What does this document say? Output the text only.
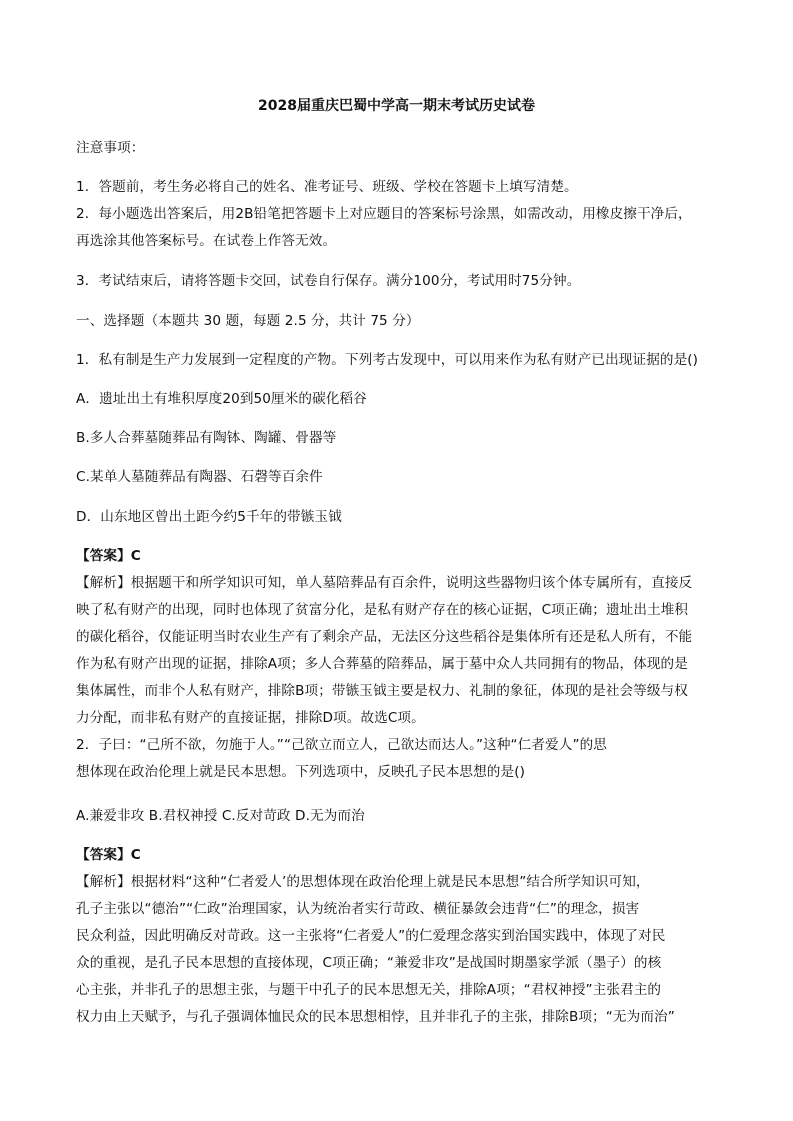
2028届重庆巴蜀中学高一期末考试历史试卷
注意事项：
1．答题前，考生务必将自己的姓名、准考证号、班级、学校在答题卡上填写清楚。
2．每小题选出答案后，用2B铅笔把答题卡上对应题目的答案标号涂黑，如需改动，用橡皮擦干净后，
再选涂其他答案标号。在试卷上作答无效。
3．考试结束后，请将答题卡交回，试卷自行保存。满分100分，考试用时75分钟。
一、选择题（本题共 30 题，每题 2.5 分，共计 75 分）
1．私有制是生产力发展到一定程度的产物。下列考古发现中，可以用来作为私有财产已出现证据的是()
A．遗址出土有堆积厚度20到50厘米的碳化稻谷
B.多人合葬墓随葬品有陶钵、陶罐、骨器等
C.某单人墓随葬品有陶器、石磬等百余件
D．山东地区曾出土距今约5千年的带镞玉钺
【答案】C
【解析】根据题干和所学知识可知，单人墓陪葬品有百余件，说明这些器物归该个体专属所有，直接反
映了私有财产的出现，同时也体现了贫富分化，是私有财产存在的核心证据，C项正确；遗址出土堆积
的碳化稻谷，仅能证明当时农业生产有了剩余产品，无法区分这些稻谷是集体所有还是私人所有，不能
作为私有财产出现的证据，排除A项；多人合葬墓的陪葬品，属于墓中众人共同拥有的物品，体现的是
集体属性，而非个人私有财产，排除B项；带镞玉钺主要是权力、礼制的象征，体现的是社会等级与权
力分配，而非私有财产的直接证据，排除D项。故选C项。
2．子曰：“己所不欲，勿施于人。”“己欲立而立人，己欲达而达人。”这种“仁者爱人”的思
想体现在政治伦理上就是民本思想。下列选项中，反映孔子民本思想的是()
A.兼爱非攻 B.君权神授 C.反对苛政 D.无为而治
【答案】C
【解析】根据材料“这种“仁者爱人’的思想体现在政治伦理上就是民本思想”结合所学知识可知，
孔子主张以“德治”“仁政”治理国家，认为统治者实行苛政、横征暴敛会违背“仁”的理念，损害
民众利益，因此明确反对苛政。这一主张将“仁者爱人”的仁爱理念落实到治国实践中，体现了对民
众的重视，是孔子民本思想的直接体现，C项正确；“兼爱非攻”是战国时期墨家学派（墨子）的核
心主张，并非孔子的思想主张，与题干中孔子的民本思想无关，排除A项；“君权神授”主张君主的
权力由上天赋予，与孔子强调体恤民众的民本思想相悖，且并非孔子的主张，排除B项；“无为而治”
